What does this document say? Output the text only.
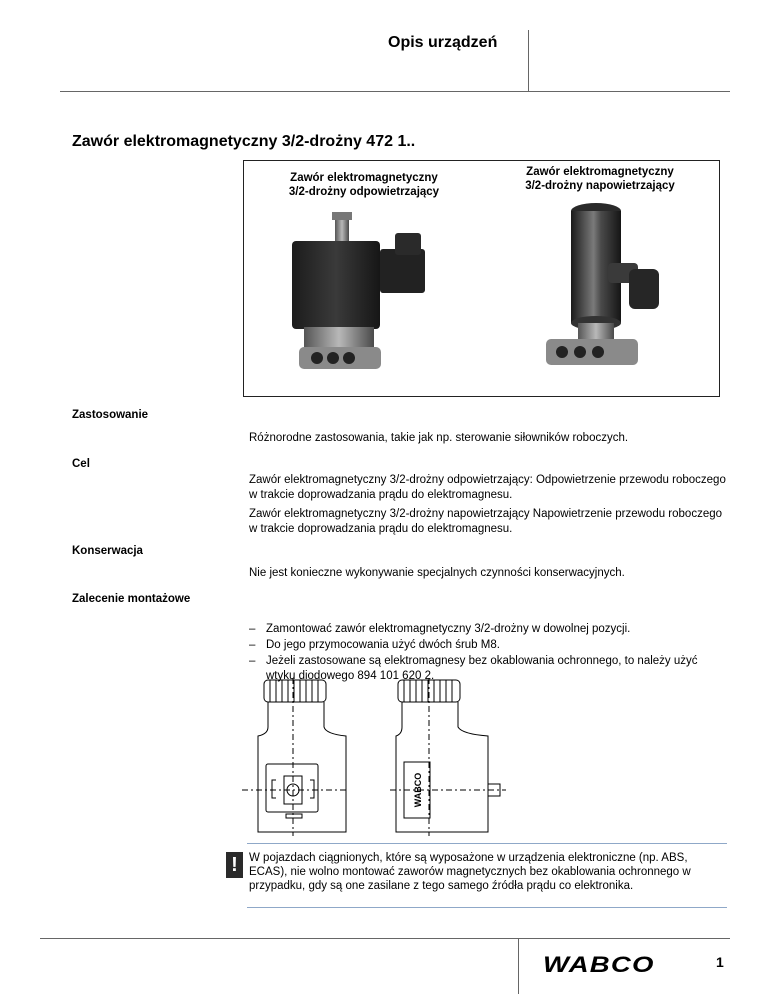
Opis urządzeń
Zawór elektromagnetyczny 3/2-drożny 472 1..
Zawór elektromagnetyczny
3/2-drożny odpowietrzający
Zawór elektromagnetyczny
3/2-drożny napowietrzający
Zastosowanie
Różnorodne zastosowania, takie jak np. sterowanie siłowników roboczych.
Cel
Zawór elektromagnetyczny 3/2-drożny odpowietrzający: Odpowietrzenie przewodu roboczego w trakcie doprowadzania prądu do elektromagnesu.
Zawór elektromagnetyczny 3/2-drożny napowietrzający Napowietrzenie przewodu roboczego w trakcie doprowadzania prądu do elektromagnesu.
Konserwacja
Nie jest konieczne wykonywanie specjalnych czynności konserwacyjnych.
Zalecenie montażowe
– Zamontować zawór elektromagnetyczny 3/2-drożny w dowolnej pozycji.
– Do jego przymocowania użyć dwóch śrub M8.
– Jeżeli zastosowane są elektromagnesy bez okablowania ochronnego, to należy użyć wtyku diodowego 894 101 620 2.
WABCO
! W pojazdach ciągnionych, które są wyposażone w urządzenia elektroniczne (np. ABS, ECAS), nie wolno montować zaworów magnetycznych bez okablowania ochronnego w przypadku, gdy są one zasilane z tego samego źródła prądu co elektronika.
WABCO	1
